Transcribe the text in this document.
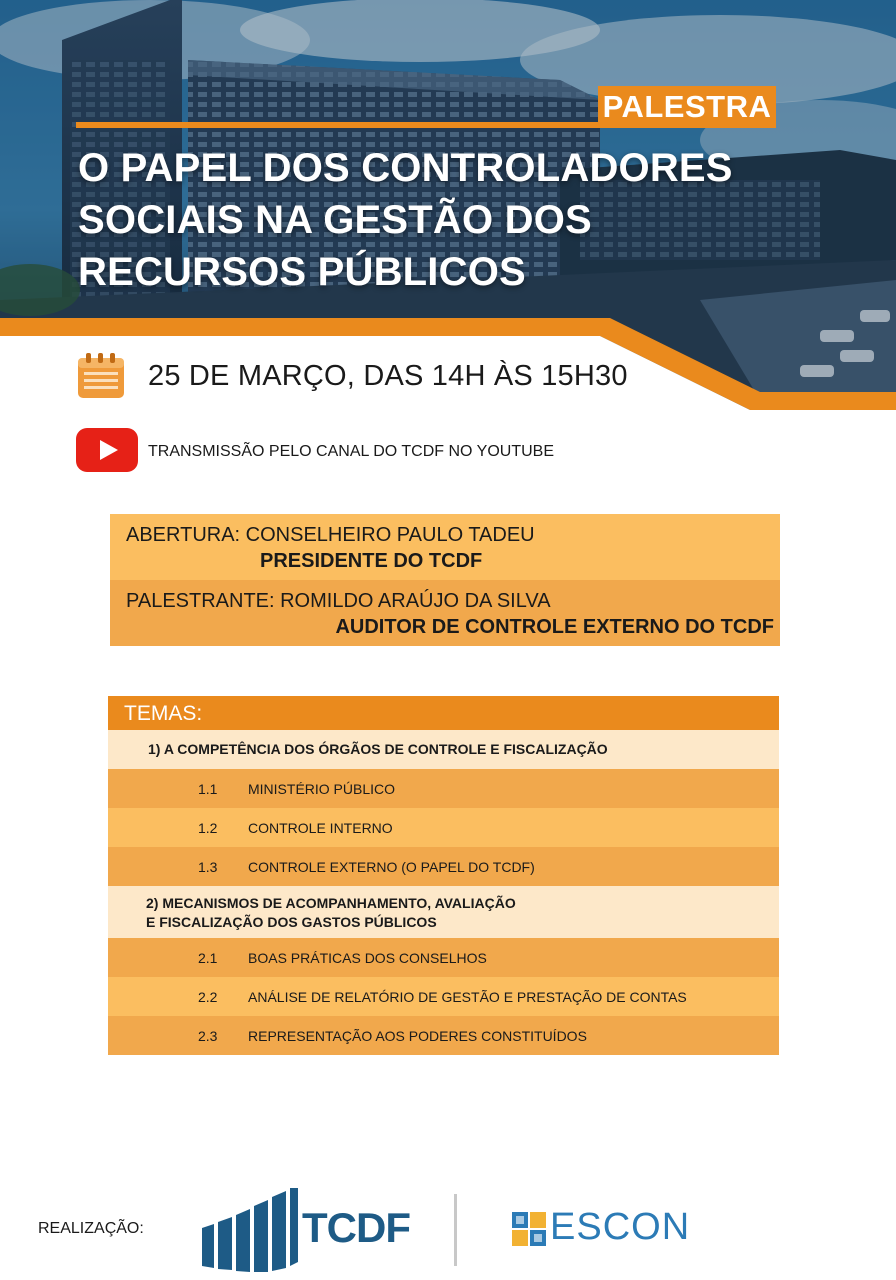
PALESTRA
O PAPEL DOS CONTROLADORES
SOCIAIS NA GESTÃO DOS
RECURSOS PÚBLICOS
25 DE MARÇO, DAS 14H ÀS 15H30
TRANSMISSÃO PELO CANAL DO TCDF NO YOUTUBE
ABERTURA: CONSELHEIRO PAULO TADEU
PRESIDENTE DO TCDF
PALESTRANTE: ROMILDO ARAÚJO DA SILVA
AUDITOR DE CONTROLE EXTERNO DO TCDF
TEMAS:
1) A COMPETÊNCIA DOS ÓRGÃOS DE CONTROLE E FISCALIZAÇÃO
1.1 MINISTÉRIO PÚBLICO
1.2 CONTROLE INTERNO
1.3 CONTROLE EXTERNO (O PAPEL DO TCDF)
2) MECANISMOS DE ACOMPANHAMENTO, AVALIAÇÃO
E FISCALIZAÇÃO DOS GASTOS PÚBLICOS
2.1 BOAS PRÁTICAS DOS CONSELHOS
2.2 ANÁLISE DE RELATÓRIO DE GESTÃO E PRESTAÇÃO DE CONTAS
2.3 REPRESENTAÇÃO AOS PODERES CONSTITUÍDOS
REALIZAÇÃO:	TCDF	ESCON
